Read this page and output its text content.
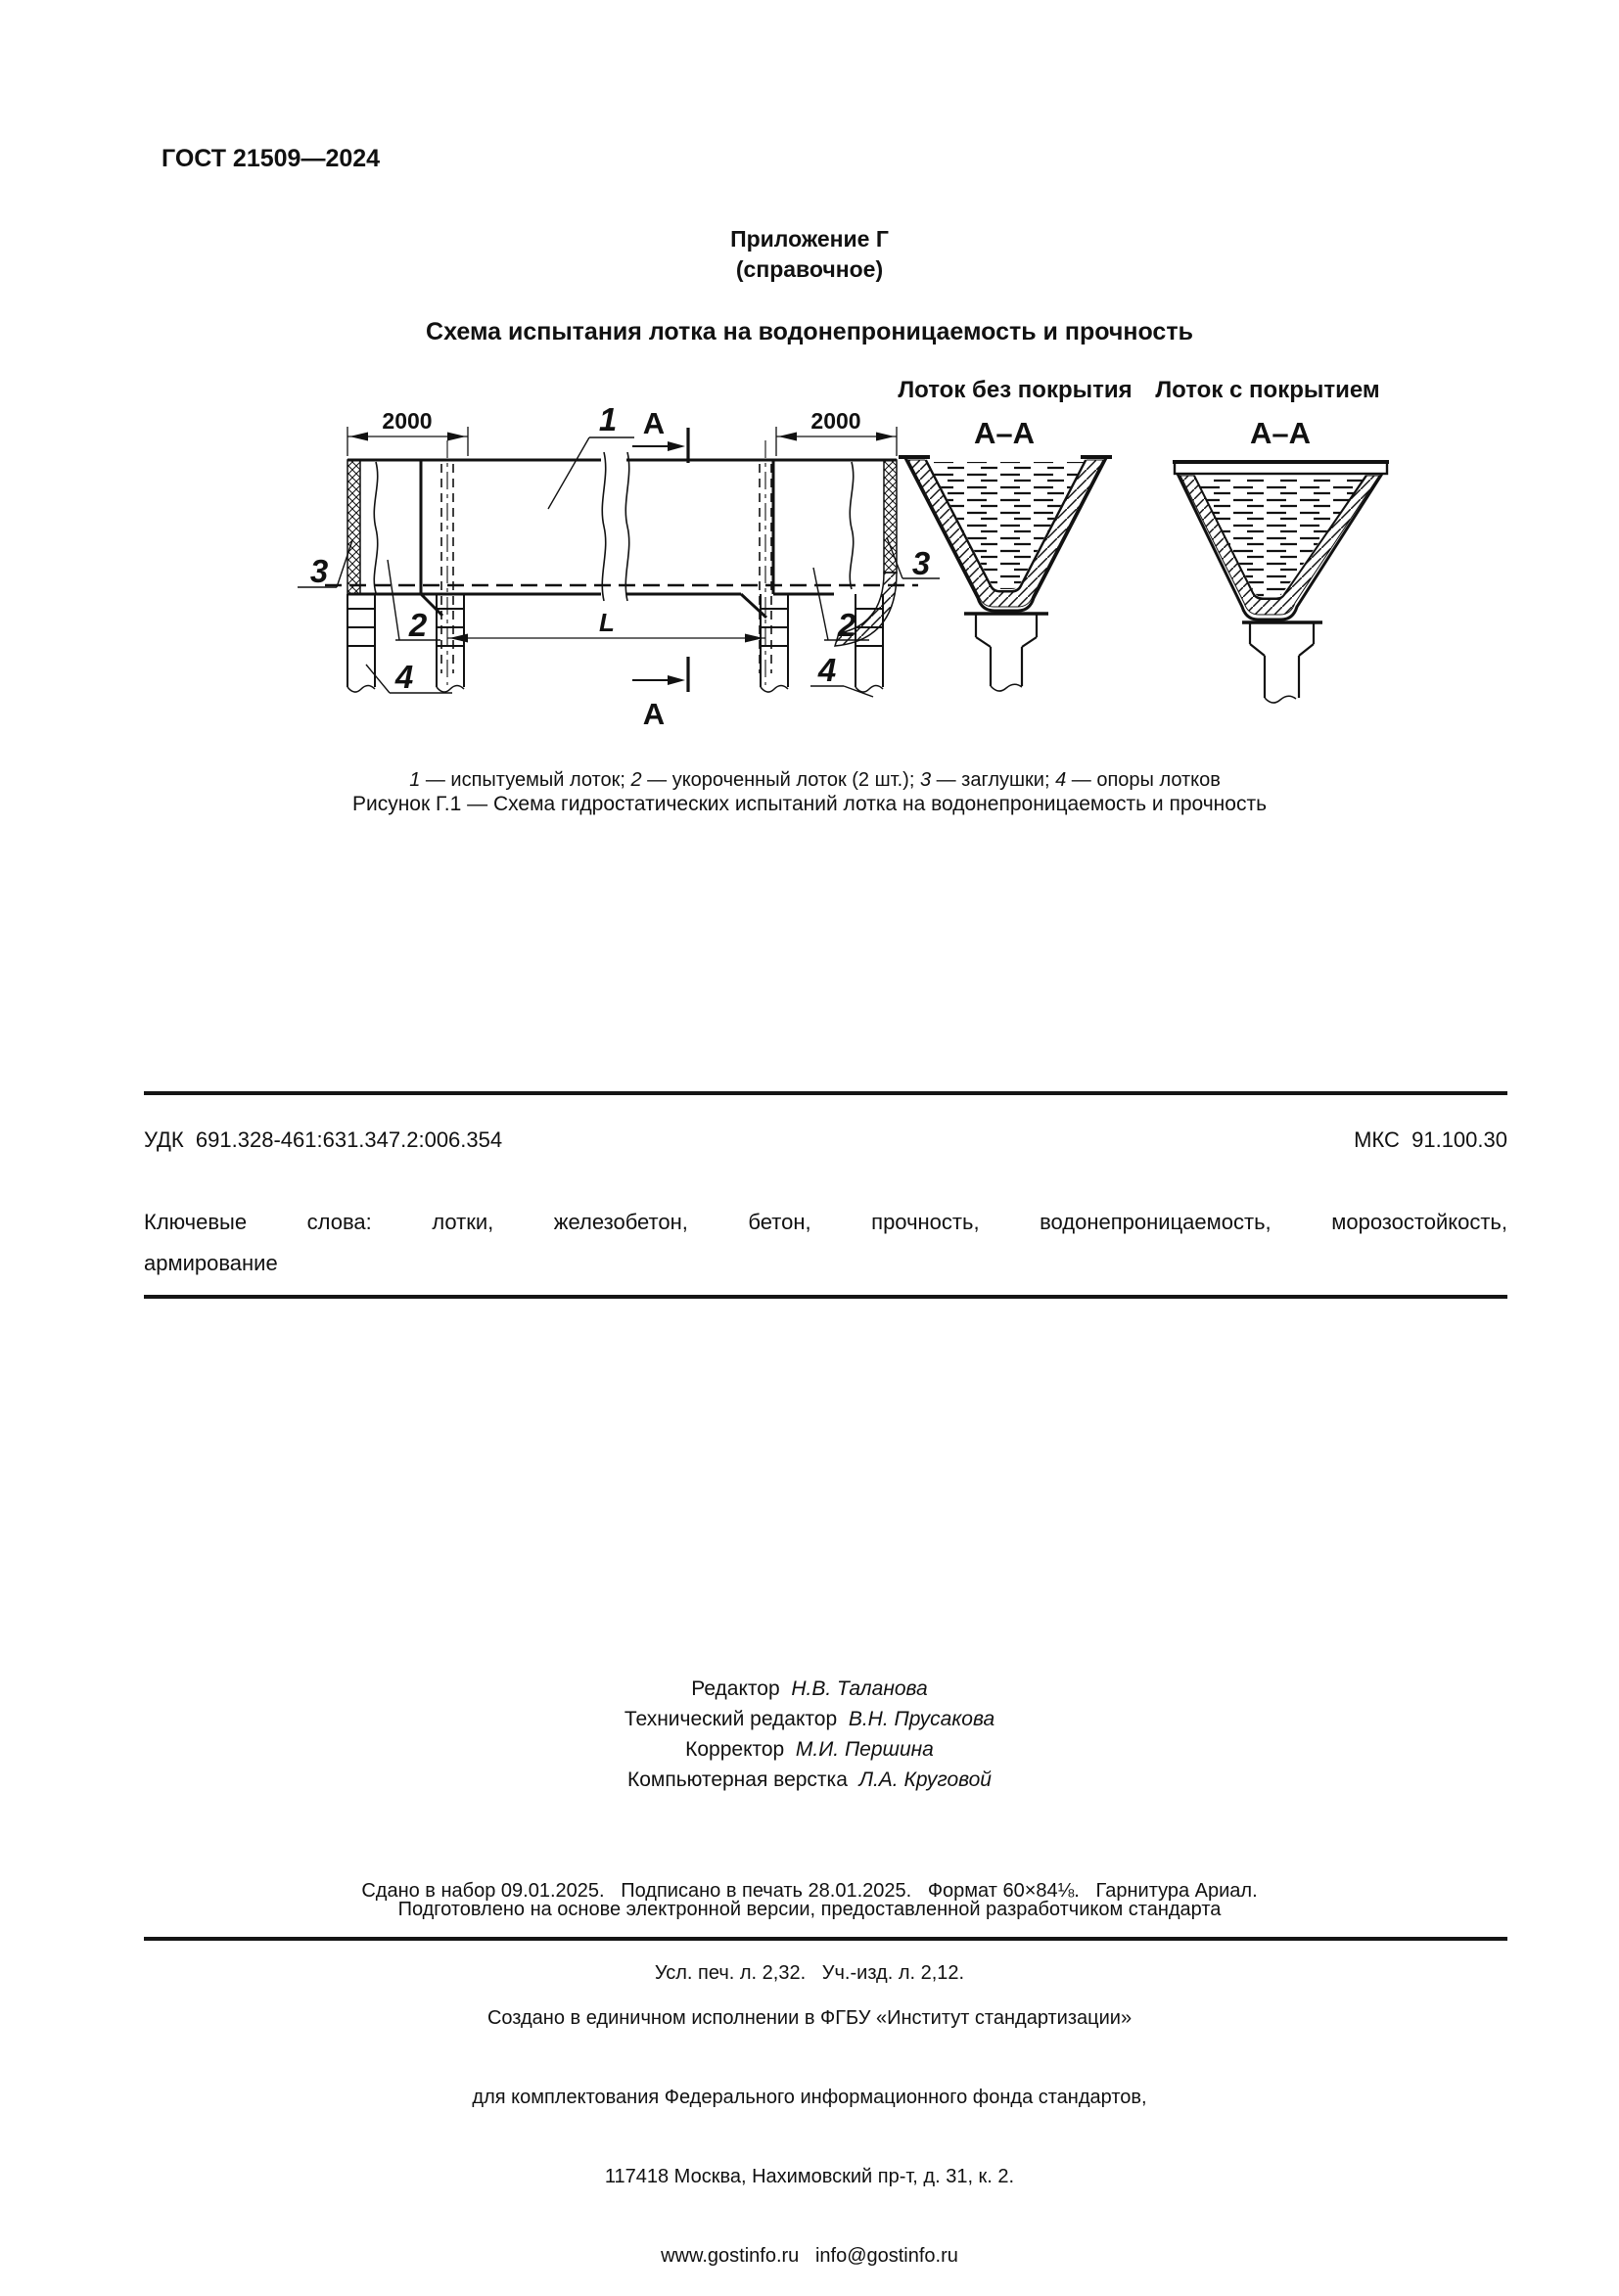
ГОСТ 21509—2024
Приложение Г
(справочное)
Схема испытания лотка на водонепроницаемость и прочность
2000	2000
L
А
А
1
3	3
2	2
4	4
Лоток без покрытия
А–А
Лоток с покрытием
А–А

1 — испытуемый лоток; 2 — укороченный лоток (2 шт.); 3 — заглушки; 4 — опоры лотков

Рисунок Г.1 — Схема гидростатических испытаний лотка на водонепроницаемость и прочность
УДК  691.328-461:631.347.2:006.354	МКС  91.100.30
Ключевые слова: лотки, железобетон, бетон, прочность, водонепроницаемость, морозостойкость,
армирование
Редактор Н.В. Таланова
Технический редактор В.Н. Прусакова
Корректор М.И. Першина
Компьютерная верстка Л.А. Круговой

Сдано в набор 09.01.2025.   Подписано в печать 28.01.2025.   Формат 60×84⅛.   Гарнитура Ариал.

Усл. печ. л. 2,32.   Уч.-изд. л. 2,12.

Подготовлено на основе электронной версии, предоставленной разработчиком стандарта

Создано в единичном исполнении в ФГБУ «Институт стандартизации»

для комплектования Федерального информационного фонда стандартов,

117418 Москва, Нахимовский пр-т, д. 31, к. 2.

www.gostinfo.ru   info@gostinfo.ru
